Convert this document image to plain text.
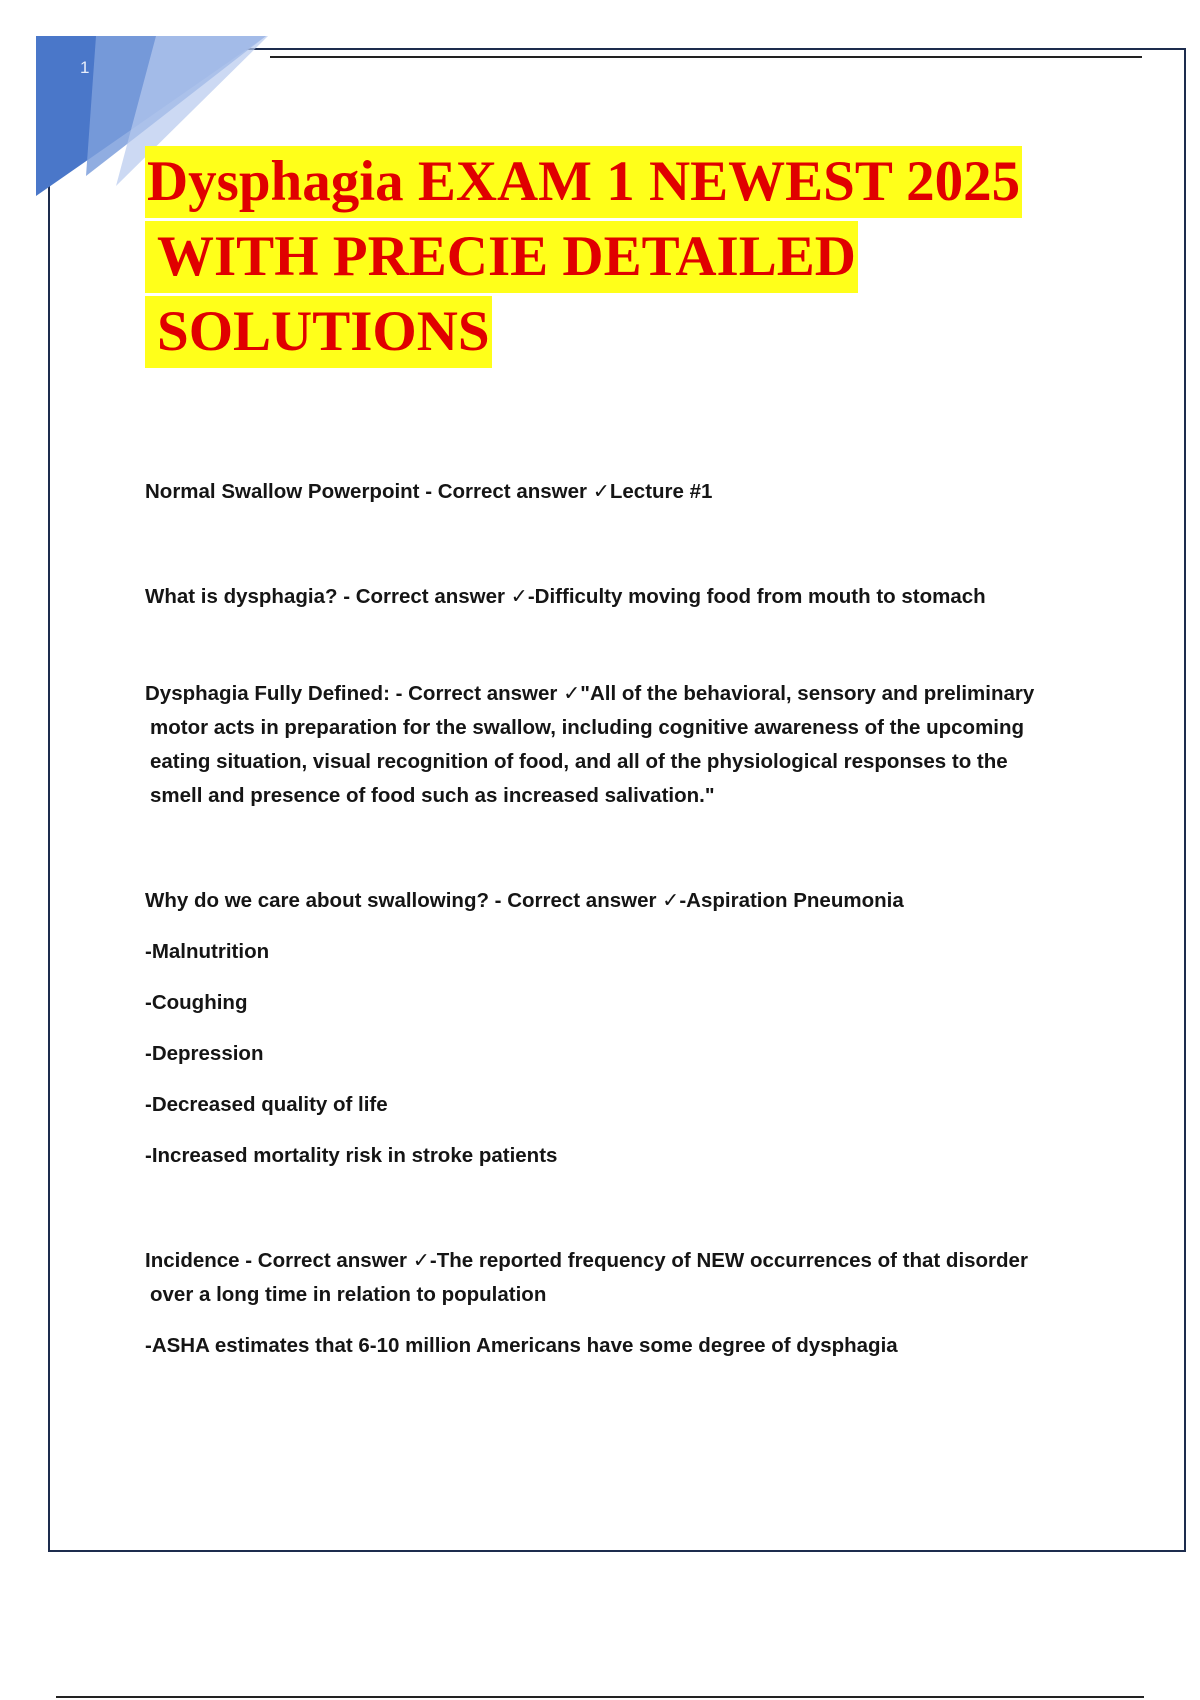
1
Dysphagia EXAM 1 NEWEST 2025
WITH PRECIE DETAILED
SOLUTIONS

Normal Swallow Powerpoint - Correct answer ✓Lecture #1

What is dysphagia? - Correct answer ✓-Difficulty moving food from mouth to stomach

Dysphagia Fully Defined: - Correct answer ✓"All of the behavioral, sensory and preliminary
motor acts in preparation for the swallow, including cognitive awareness of the upcoming
eating situation, visual recognition of food, and all of the physiological responses to the
smell and presence of food such as increased salivation."
Why do we care about swallowing? - Correct answer ✓-Aspiration Pneumonia
-Malnutrition
-Coughing
-Depression
-Decreased quality of life
-Increased mortality risk in stroke patients
Incidence - Correct answer ✓-The reported frequency of NEW occurrences of that disorder
over a long time in relation to population
-ASHA estimates that 6-10 million Americans have some degree of dysphagia
